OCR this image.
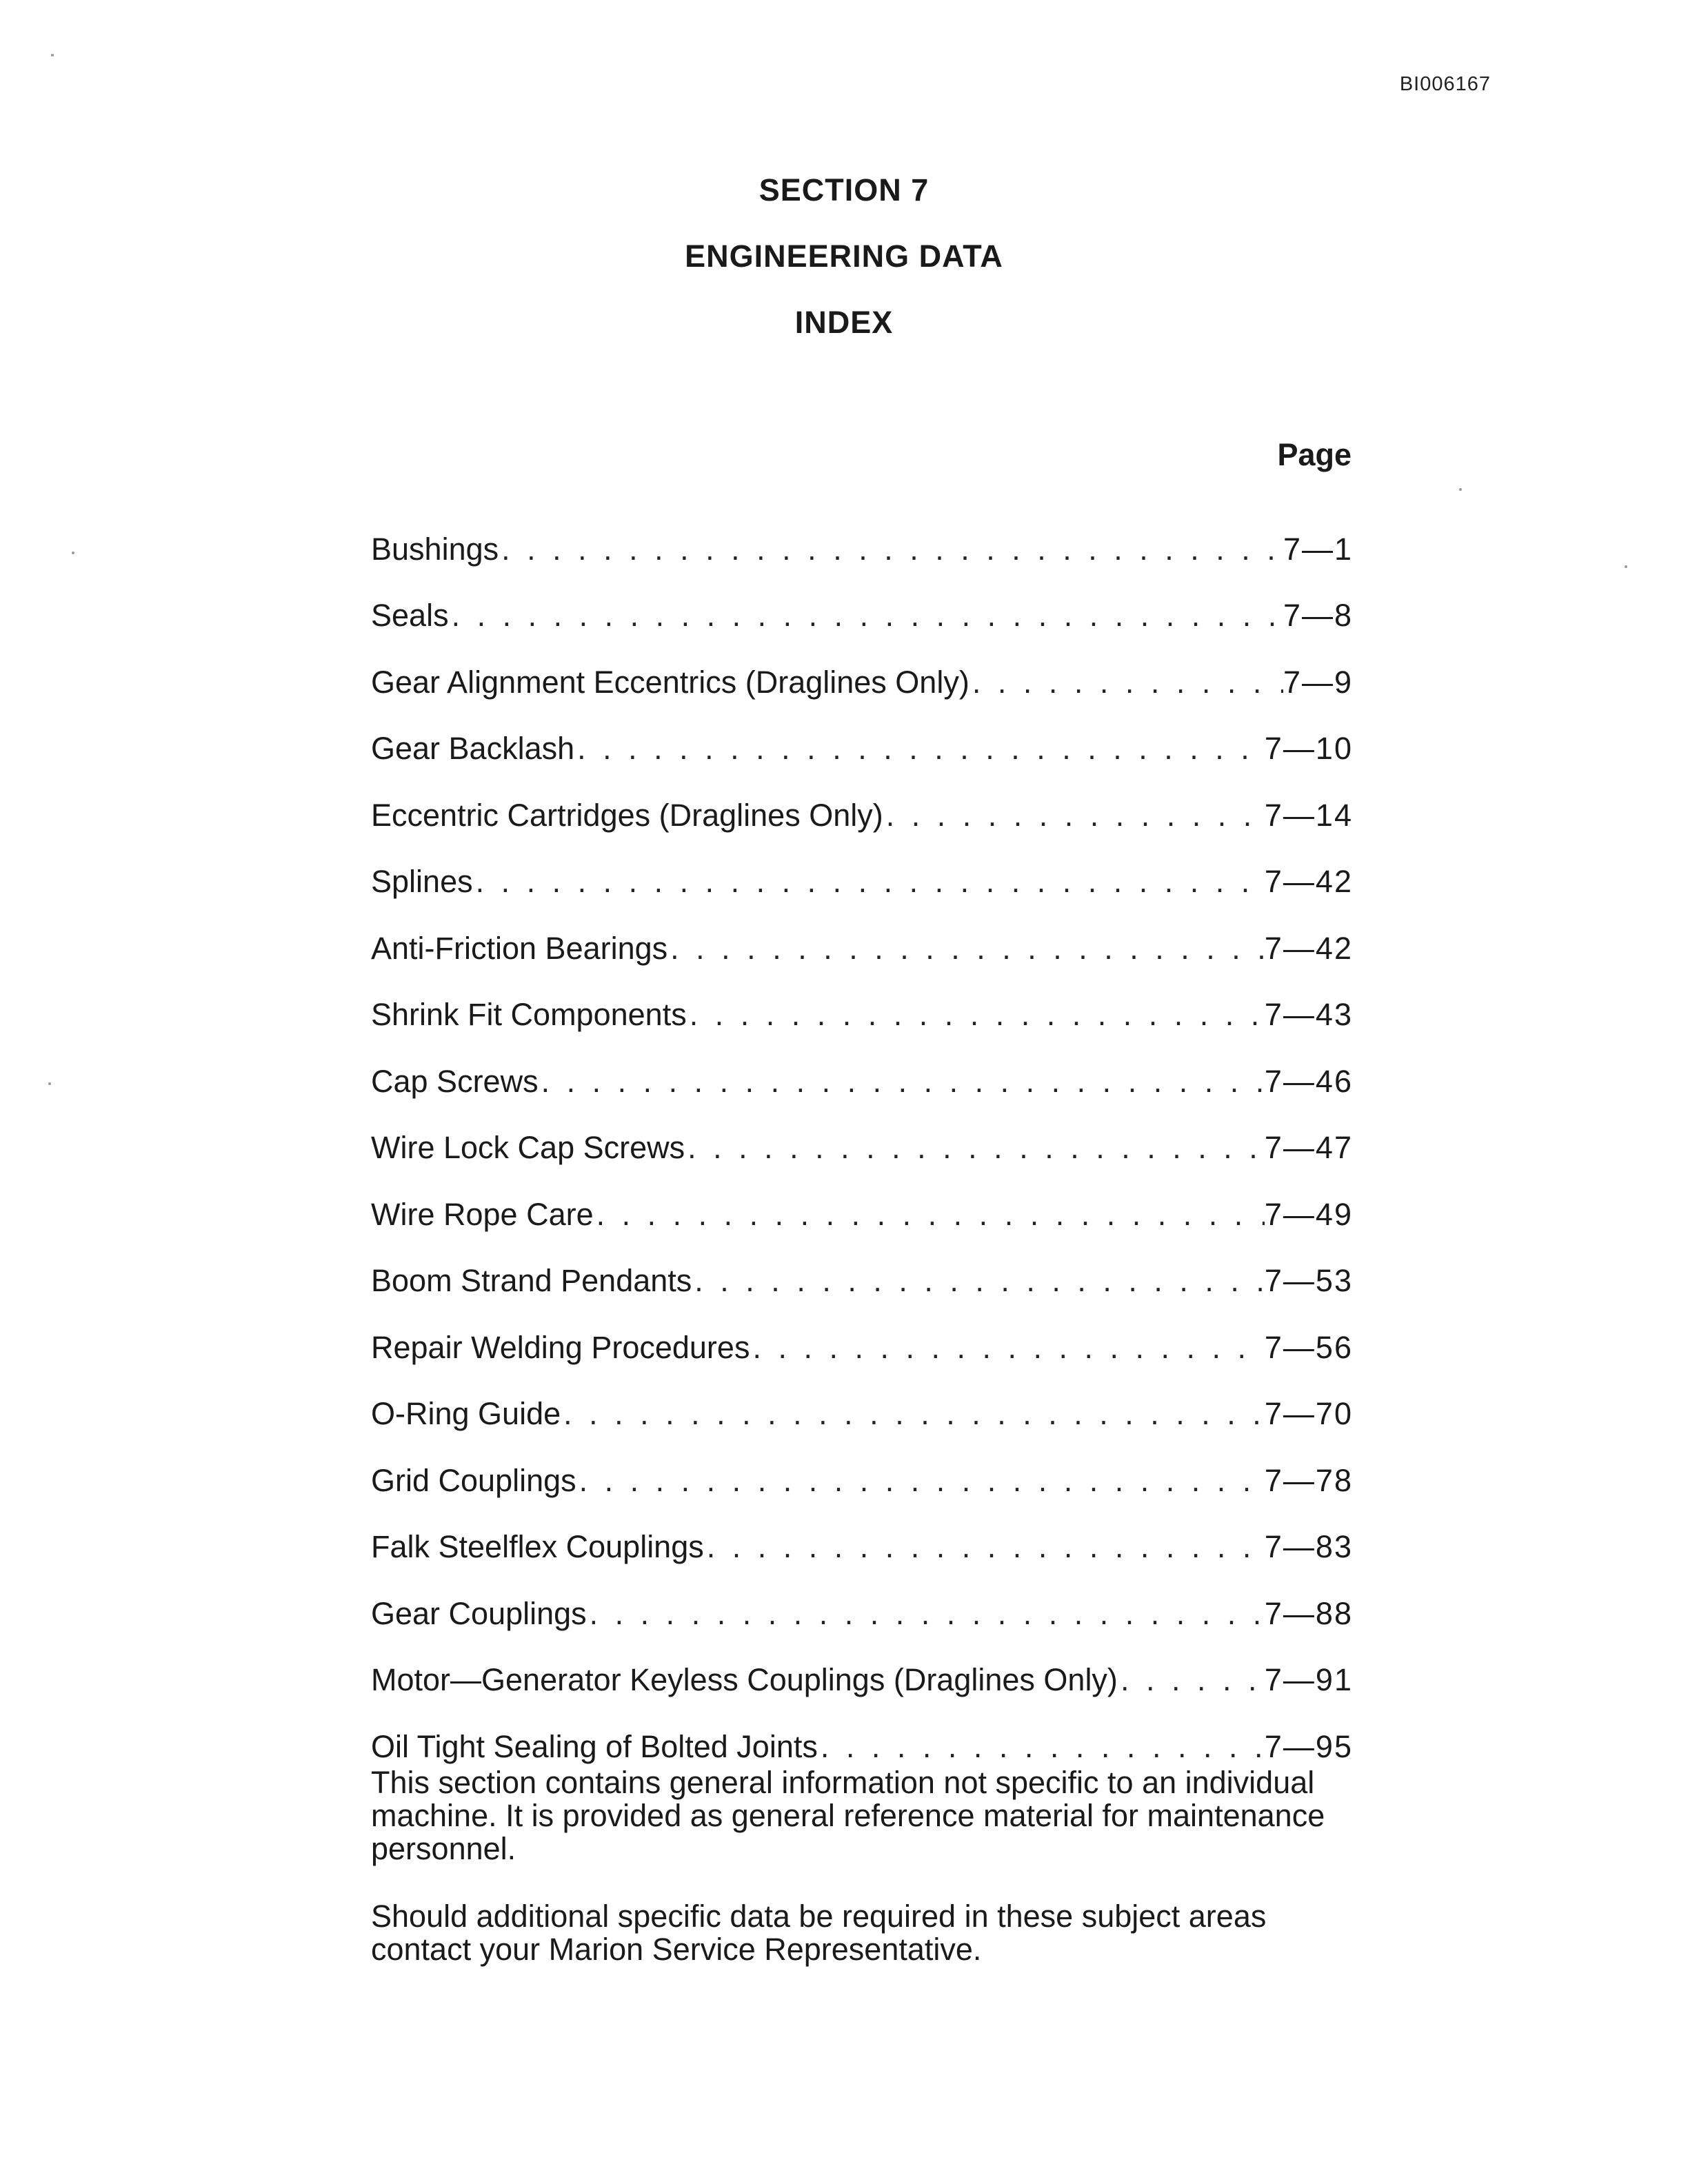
BI006167
SECTION 7
ENGINEERING DATA
INDEX
Page
Bushings . . .	7—1
Seals . . .	7—8
Gear Alignment Eccentrics (Draglines Only) . . .	7—9
Gear Backlash . . .	7—10
Eccentric Cartridges (Draglines Only) . . .	7—14
Splines . . .	7—42
Anti-Friction Bearings . . .	7—42
Shrink Fit Components . . .	7—43
Cap Screws . . .	7—46
Wire Lock Cap Screws . . .	7—47
Wire Rope Care . . .	7—49
Boom Strand Pendants . . .	7—53
Repair Welding Procedures . . .	7—56
O-Ring Guide . . .	7—70
Grid Couplings . . .	7—78
Falk Steelflex Couplings . . .	7—83
Gear Couplings . . .	7—88
Motor—Generator Keyless Couplings (Draglines Only) . . .	7—91
Oil Tight Sealing of Bolted Joints . . .	7—95
This section contains general information not specific to an individual machine. It is provided as general reference material for maintenance personnel.
Should additional specific data be required in these subject areas contact your Marion Service Representative.
